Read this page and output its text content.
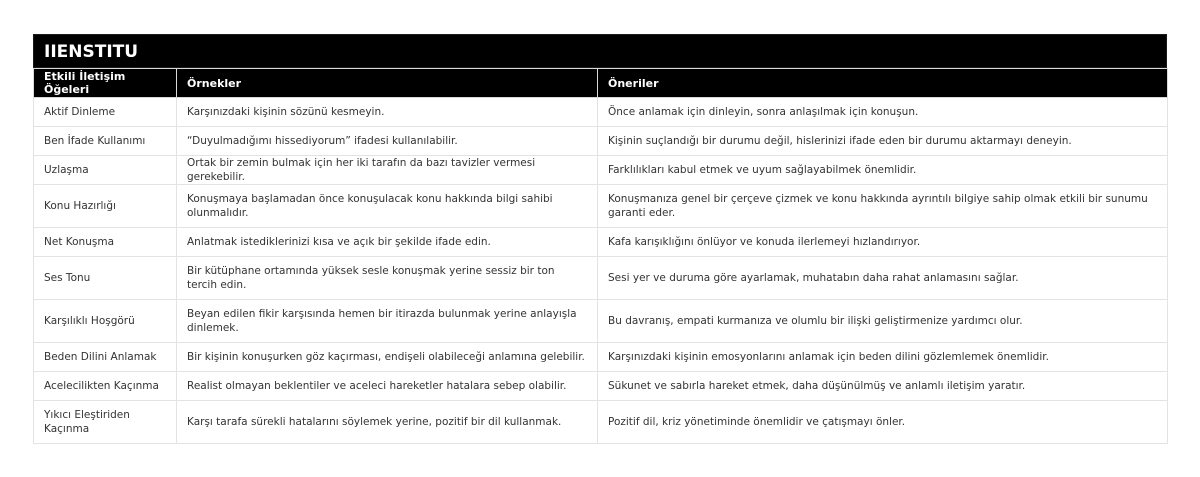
IIENSTITU
Etkili İletişim Öğeleri	Örnekler	Öneriler
Aktif Dinleme	Karşınızdaki kişinin sözünü kesmeyin.	Önce anlamak için dinleyin, sonra anlaşılmak için konuşun.
Ben İfade Kullanımı	“Duyulmadığımı hissediyorum” ifadesi kullanılabilir.	Kişinin suçlandığı bir durumu değil, hislerinizi ifade eden bir durumu aktarmayı deneyin.
Uzlaşma	Ortak bir zemin bulmak için her iki tarafın da bazı tavizler vermesi gerekebilir.	Farklılıkları kabul etmek ve uyum sağlayabilmek önemlidir.
Konu Hazırlığı	Konuşmaya başlamadan önce konuşulacak konu hakkında bilgi sahibi olunmalıdır.	Konuşmanıza genel bir çerçeve çizmek ve konu hakkında ayrıntılı bilgiye sahip olmak etkili bir sunumu garanti eder.
Net Konuşma	Anlatmak istediklerinizi kısa ve açık bir şekilde ifade edin.	Kafa karışıklığını önlüyor ve konuda ilerlemeyi hızlandırıyor.
Ses Tonu	Bir kütüphane ortamında yüksek sesle konuşmak yerine sessiz bir ton tercih edin.	Sesi yer ve duruma göre ayarlamak, muhatabın daha rahat anlamasını sağlar.
Karşılıklı Hoşgörü	Beyan edilen fikir karşısında hemen bir itirazda bulunmak yerine anlayışla dinlemek.	Bu davranış, empati kurmanıza ve olumlu bir ilişki geliştirmenize yardımcı olur.
Beden Dilini Anlamak	Bir kişinin konuşurken göz kaçırması, endişeli olabileceği anlamına gelebilir.	Karşınızdaki kişinin emosyonlarını anlamak için beden dilini gözlemlemek önemlidir.
Acelecilikten Kaçınma	Realist olmayan beklentiler ve aceleci hareketler hatalara sebep olabilir.	Sükunet ve sabırla hareket etmek, daha düşünülmüş ve anlamlı iletişim yaratır.
Yıkıcı Eleştiriden Kaçınma	Karşı tarafa sürekli hatalarını söylemek yerine, pozitif bir dil kullanmak.	Pozitif dil, kriz yönetiminde önemlidir ve çatışmayı önler.
